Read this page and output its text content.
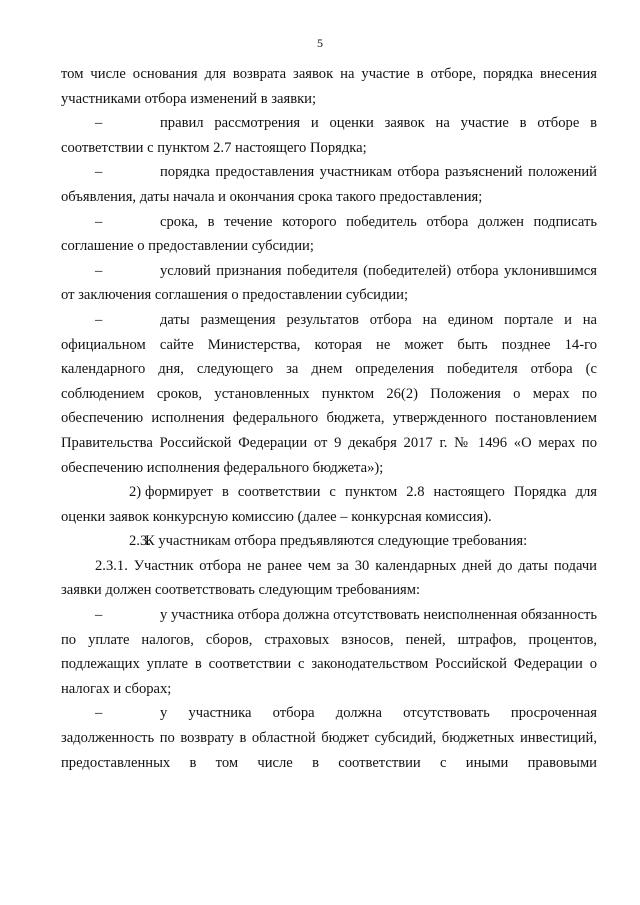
5

том числе основания для возврата заявок на участие в отборе, порядка внесения участниками отбора изменений в заявки;

–	правил рассмотрения и оценки заявок на участие в отборе в соответствии с пунктом 2.7 настоящего Порядка;

–	порядка предоставления участникам отбора разъяснений положений объявления, даты начала и окончания срока такого предоставления;

–	срока, в течение которого победитель отбора должен подписать соглашение о предоставлении субсидии;

–	условий признания победителя (победителей) отбора уклонившимся от заключения соглашения о предоставлении субсидии;

–	даты размещения результатов отбора на едином портале и на официальном сайте Министерства, которая не может быть позднее 14-го календарного дня, следующего за днем определения победителя отбора (с соблюдением сроков, установленных пунктом 26(2) Положения о мерах по обеспечению исполнения федерального бюджета, утвержденного постановлением Правительства Российской Федерации от 9 декабря 2017 г. № 1496 «О мерах по обеспечению исполнения федерального бюджета»);

2) формирует в соответствии с пунктом 2.8 настоящего Порядка для оценки заявок конкурсную комиссию (далее – конкурсная комиссия).

2.3.К участникам отбора предъявляются следующие требования:

2.3.1. Участник отбора не ранее чем за 30 календарных дней до даты подачи заявки должен соответствовать следующим требованиям:

–	у участника отбора должна отсутствовать неисполненная обязанность по уплате налогов, сборов, страховых взносов, пеней, штрафов, процентов, подлежащих уплате в соответствии с законодательством Российской Федерации о налогах и сборах;

–	у участника отбора должна отсутствовать просроченная задолженность по возврату в областной бюджет субсидий, бюджетных инвестиций, предоставленных в том числе в соответствии с иными правовыми
